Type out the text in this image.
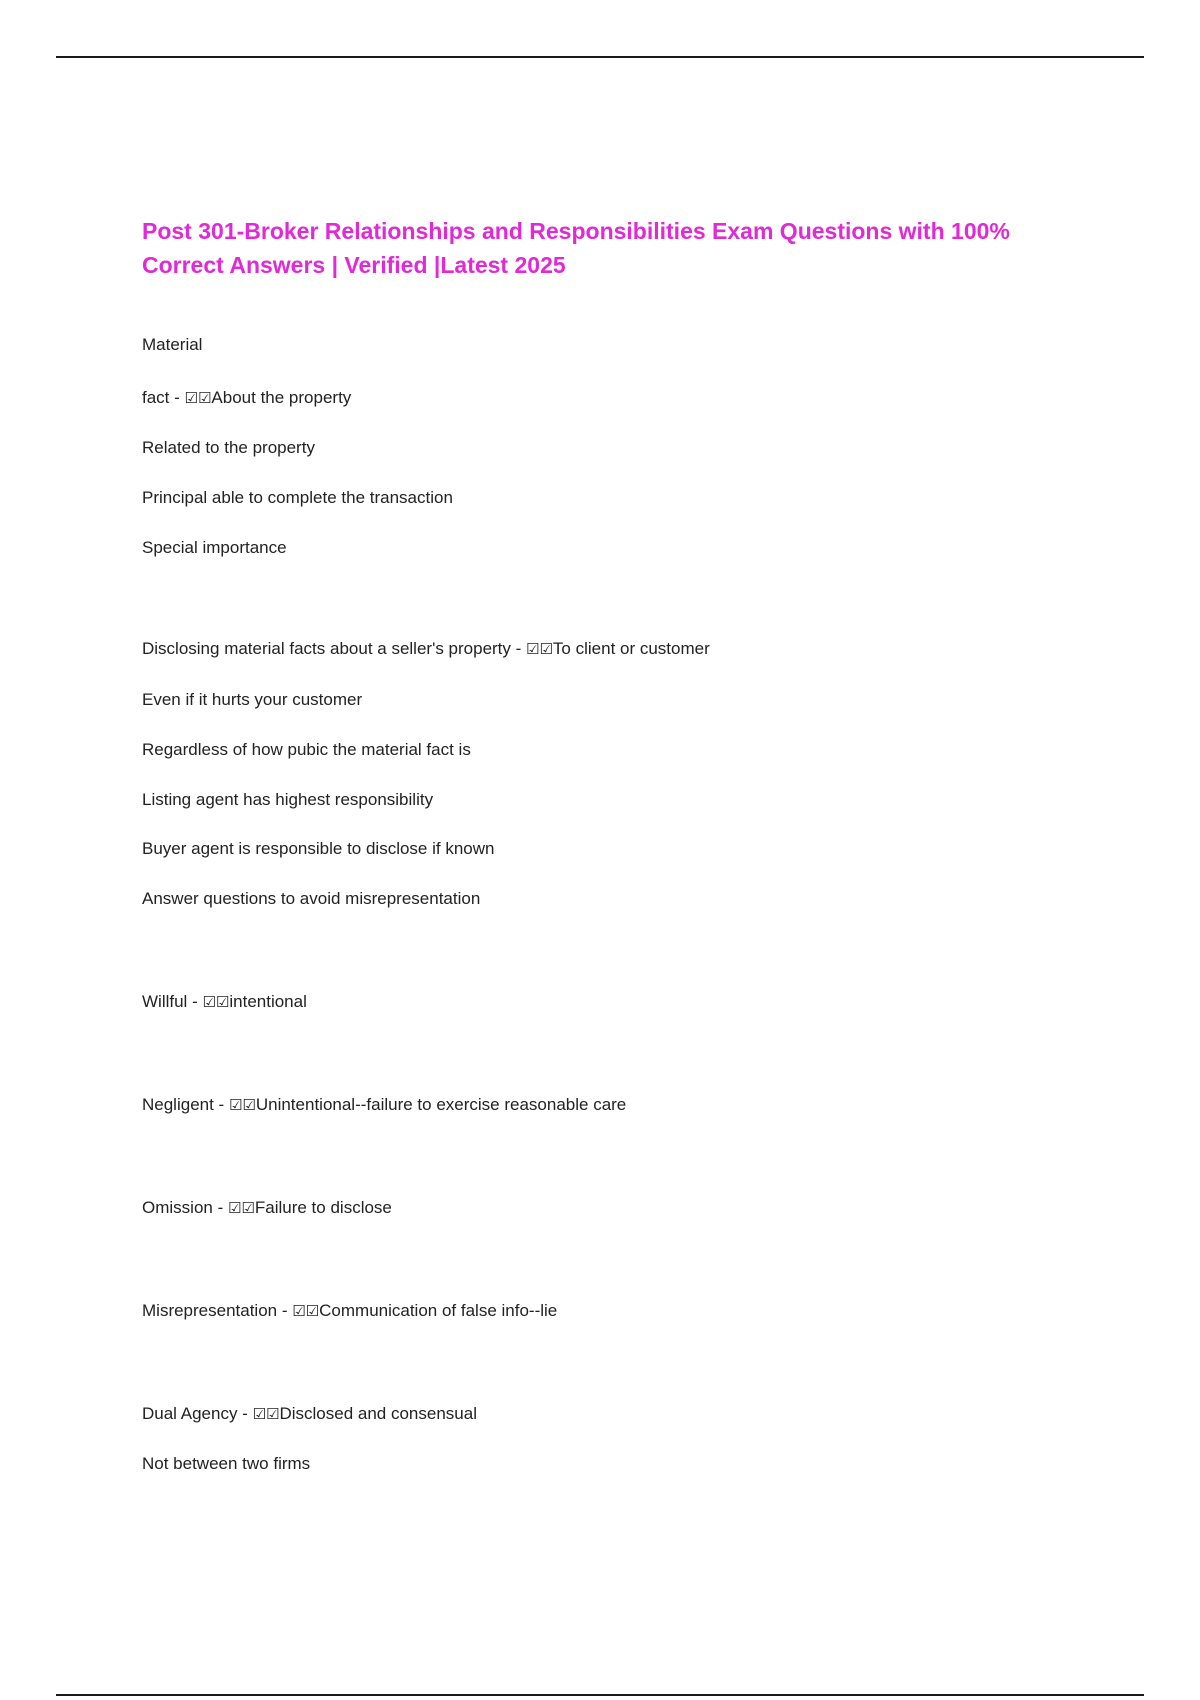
Post 301-Broker Relationships and Responsibilities Exam Questions with 100%
Correct Answers | Verified |Latest 2025

Material

fact - ☑☑About the property

Related to the property

Principal able to complete the transaction

Special importance

Disclosing material facts about a seller's property - ☑☑To client or customer

Even if it hurts your customer

Regardless of how pubic the material fact is

Listing agent has highest responsibility

Buyer agent is responsible to disclose if known

Answer questions to avoid misrepresentation

Willful - ☑☑intentional

Negligent - ☑☑Unintentional--failure to exercise reasonable care

Omission - ☑☑Failure to disclose

Misrepresentation - ☑☑Communication of false info--lie

Dual Agency - ☑☑Disclosed and consensual

Not between two firms
